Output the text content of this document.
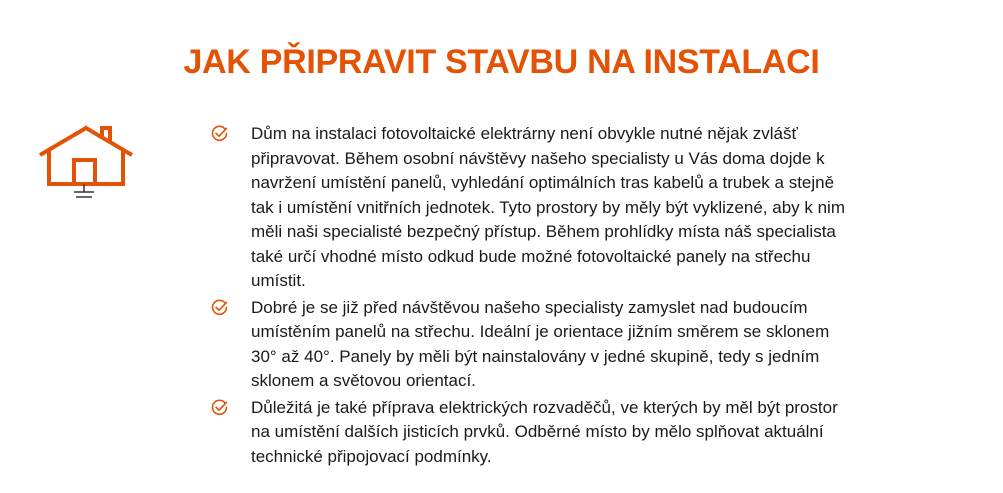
JAK PŘIPRAVIT STAVBU NA INSTALACI
Dům na instalaci fotovoltaické elektrárny není obvykle nutné nějak zvlášť připravovat. Během osobní návštěvy našeho specialisty u Vás doma dojde k navržení umístění panelů, vyhledání optimálních tras kabelů a trubek a stejně tak i umístění vnitřních jednotek. Tyto prostory by měly být vyklizené, aby k nim měli naši specialisté bezpečný přístup. Během prohlídky místa náš specialista také určí vhodné místo odkud bude možné fotovoltaické panely na střechu umístit.
Dobré je se již před návštěvou našeho specialisty zamyslet nad budoucím umístěním panelů na střechu. Ideální je orientace jižním směrem se sklonem 30° až 40°. Panely by měli být nainstalovány v jedné skupině, tedy s jedním sklonem a světovou orientací.
Důležitá je také příprava elektrických rozvaděčů, ve kterých by měl být prostor na umístění dalších jisticích prvků. Odběrné místo by mělo splňovat aktuální technické připojovací podmínky.
